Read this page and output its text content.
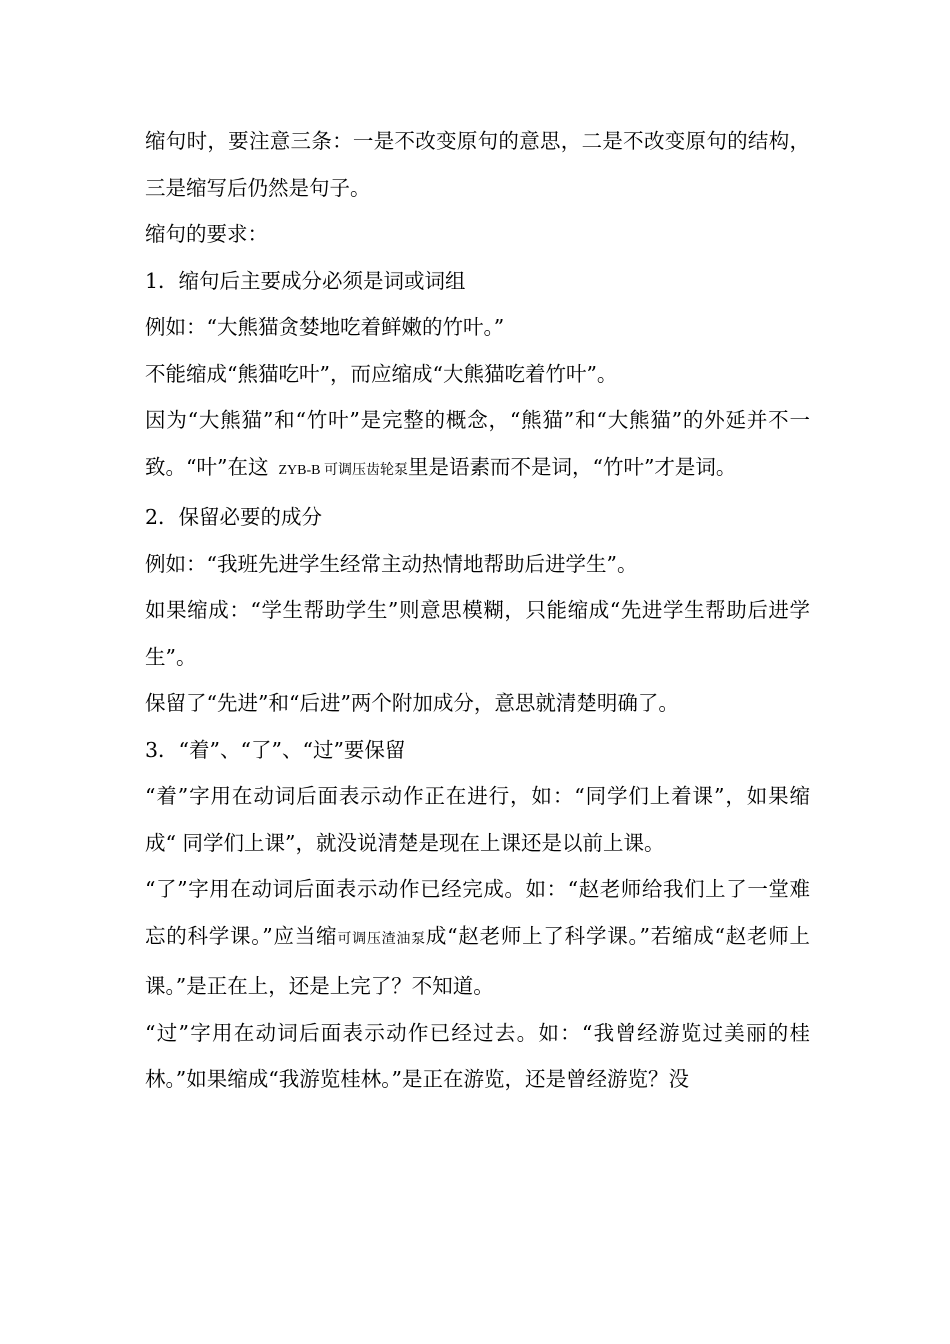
缩句时，要注意三条：一是不改变原句的意思，二是不改变原句的结构，三是缩写后仍然是句子。

缩句的要求：

1．缩句后主要成分必须是词或词组

例如：“大熊猫贪婪地吃着鲜嫩的竹叶。”

不能缩成“熊猫吃叶”，而应缩成“大熊猫吃着竹叶”。

因为“大熊猫”和“竹叶”是完整的概念，“熊猫”和“大熊猫”的外延并不一致。“叶”在这 ZYB-B 可调压齿轮泵里是语素而不是词，“竹叶”才是词。

2．保留必要的成分

例如：“我班先进学生经常主动热情地帮助后进学生”。

如果缩成：“学生帮助学生”则意思模糊，只能缩成“先进学生帮助后进学生”。

保留了“先进”和“后进”两个附加成分，意思就清楚明确了。

3．“着”、“了”、“过”要保留

“着”字用在动词后面表示动作正在进行，如：“同学们上着课”，如果缩成“ 同学们上课”，就没说清楚是现在上课还是以前上课。

“了”字用在动词后面表示动作已经完成。如：“赵老师给我们上了一堂难忘的科学课。”应当缩可调压渣油泵成“赵老师上了科学课。”若缩成“赵老师上课。”是正在上，还是上完了？不知道。

“过”字用在动词后面表示动作已经过去。如：“我曾经游览过美丽的桂林。”如果缩成“我游览桂林。”是正在游览，还是曾经游览？没
